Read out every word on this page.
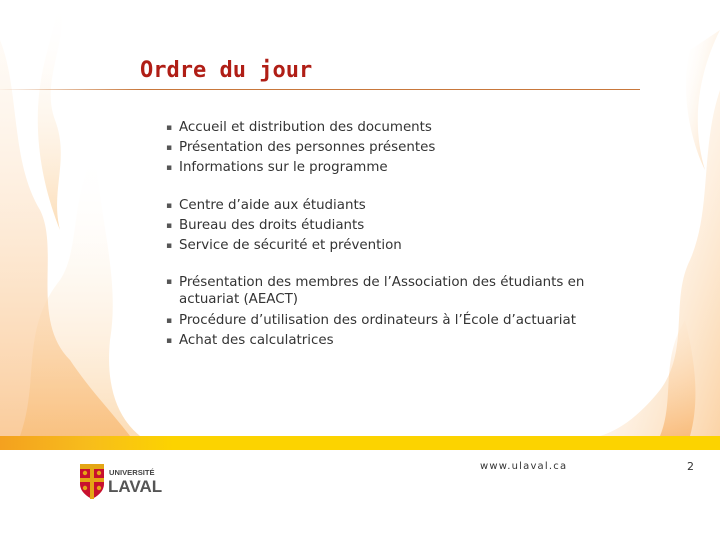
Ordre du jour
▪ Accueil et distribution des documents
▪ Présentation des personnes présentes
▪ Informations sur le programme
▪ Centre d’aide aux étudiants
▪ Bureau des droits étudiants
▪ Service de sécurité et prévention
▪ Présentation des membres de l’Association des étudiants en actuariat (AEACT)
▪ Procédure d’utilisation des ordinateurs à l’École d’actuariat
▪ Achat des calculatrices
UNIVERSITÉ
LAVAL
www.ulaval.ca	2
